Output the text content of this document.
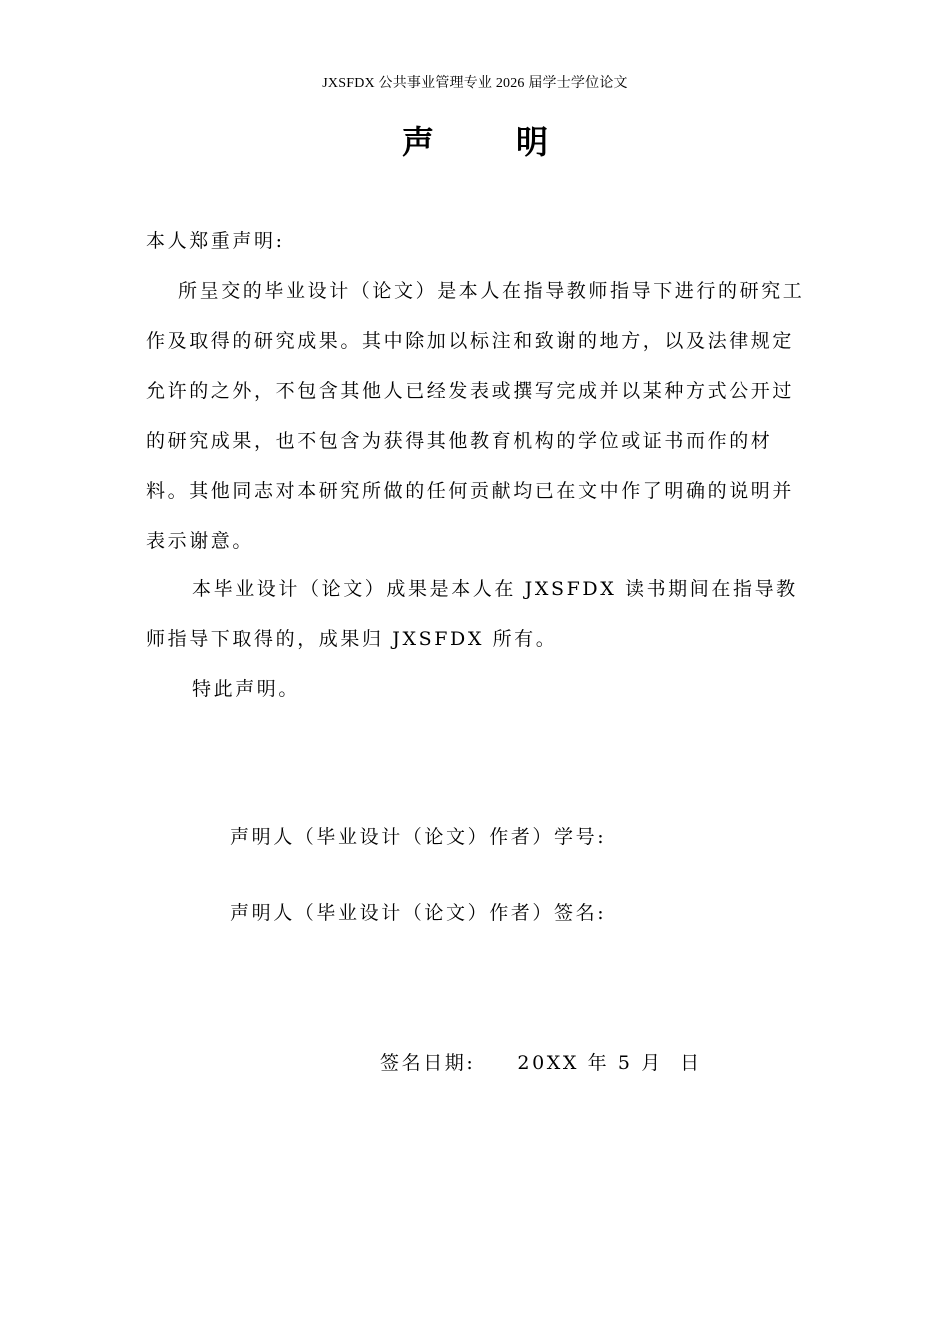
JXSFDX 公共事业管理专业 2026 届学士学位论文
声	明
本人郑重声明:

所呈交的毕业设计（论文）是本人在指导教师指导下进行的研究工作及取得的研究成果。其中除加以标注和致谢的地方，以及法律规定允许的之外，不包含其他人已经发表或撰写完成并以某种方式公开过的研究成果，也不包含为获得其他教育机构的学位或证书而作的材料。其他同志对本研究所做的任何贡献均已在文中作了明确的说明并表示谢意。

本毕业设计（论文）成果是本人在 JXSFDX 读书期间在指导教师指导下取得的，成果归 JXSFDX 所有。

特此声明。

声明人（毕业设计（论文）作者）学号:
声明人（毕业设计（论文）作者）签名:
签名日期: 20XX 年 5 月  日
